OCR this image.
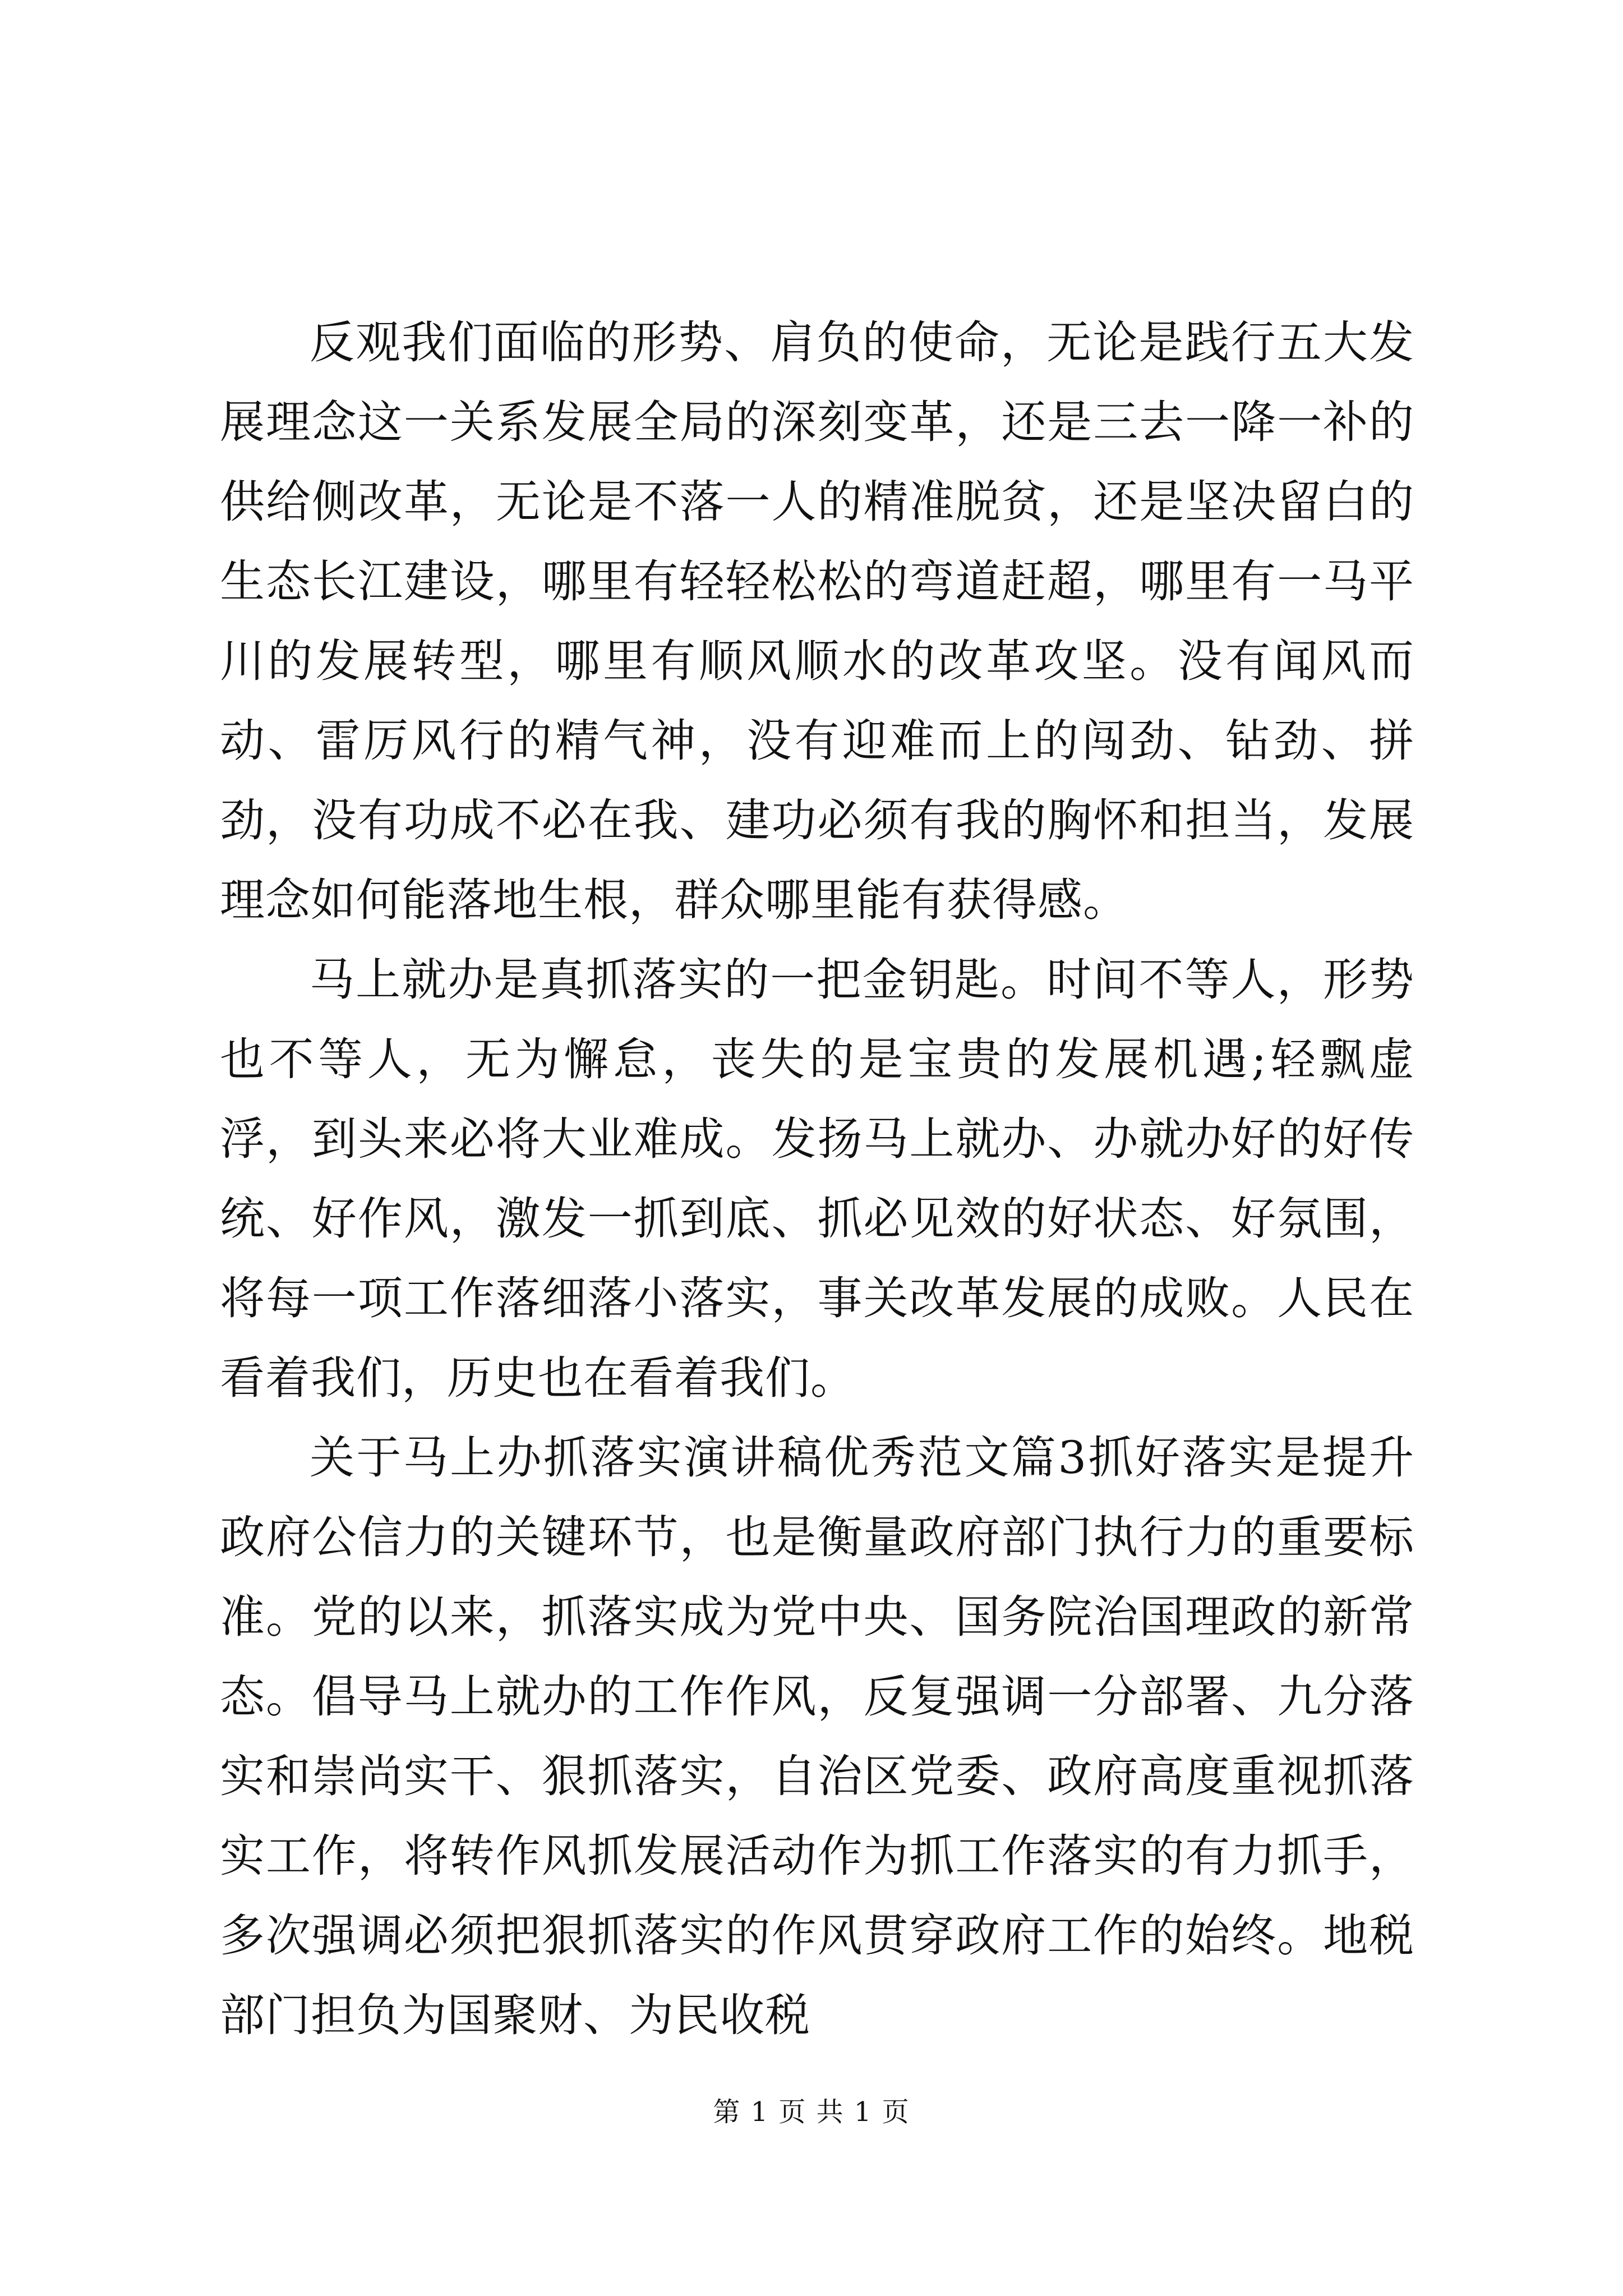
反观我们面临的形势、肩负的使命，无论是践行五大发展理念这一关系发展全局的深刻变革，还是三去一降一补的供给侧改革，无论是不落一人的精准脱贫，还是坚决留白的生态长江建设，哪里有轻轻松松的弯道赶超，哪里有一马平川的发展转型，哪里有顺风顺水的改革攻坚。没有闻风而动、雷厉风行的精气神，没有迎难而上的闯劲、钻劲、拼劲，没有功成不必在我、建功必须有我的胸怀和担当，发展理念如何能落地生根，群众哪里能有获得感。

马上就办是真抓落实的一把金钥匙。时间不等人，形势也不等人，无为懈怠，丧失的是宝贵的发展机遇;轻飘虚浮，到头来必将大业难成。发扬马上就办、办就办好的好传统、好作风，激发一抓到底、抓必见效的好状态、好氛围，将每一项工作落细落小落实，事关改革发展的成败。人民在看着我们，历史也在看着我们。

关于马上办抓落实演讲稿优秀范文篇3抓好落实是提升政府公信力的关键环节，也是衡量政府部门执行力的重要标准。党的以来，抓落实成为党中央、国务院治国理政的新常态。倡导马上就办的工作作风，反复强调一分部署、九分落实和崇尚实干、狠抓落实，自治区党委、政府高度重视抓落实工作，将转作风抓发展活动作为抓工作落实的有力抓手，多次强调必须把狠抓落实的作风贯穿政府工作的始终。地税部门担负为国聚财、为民收税

第 1 页 共 1 页
